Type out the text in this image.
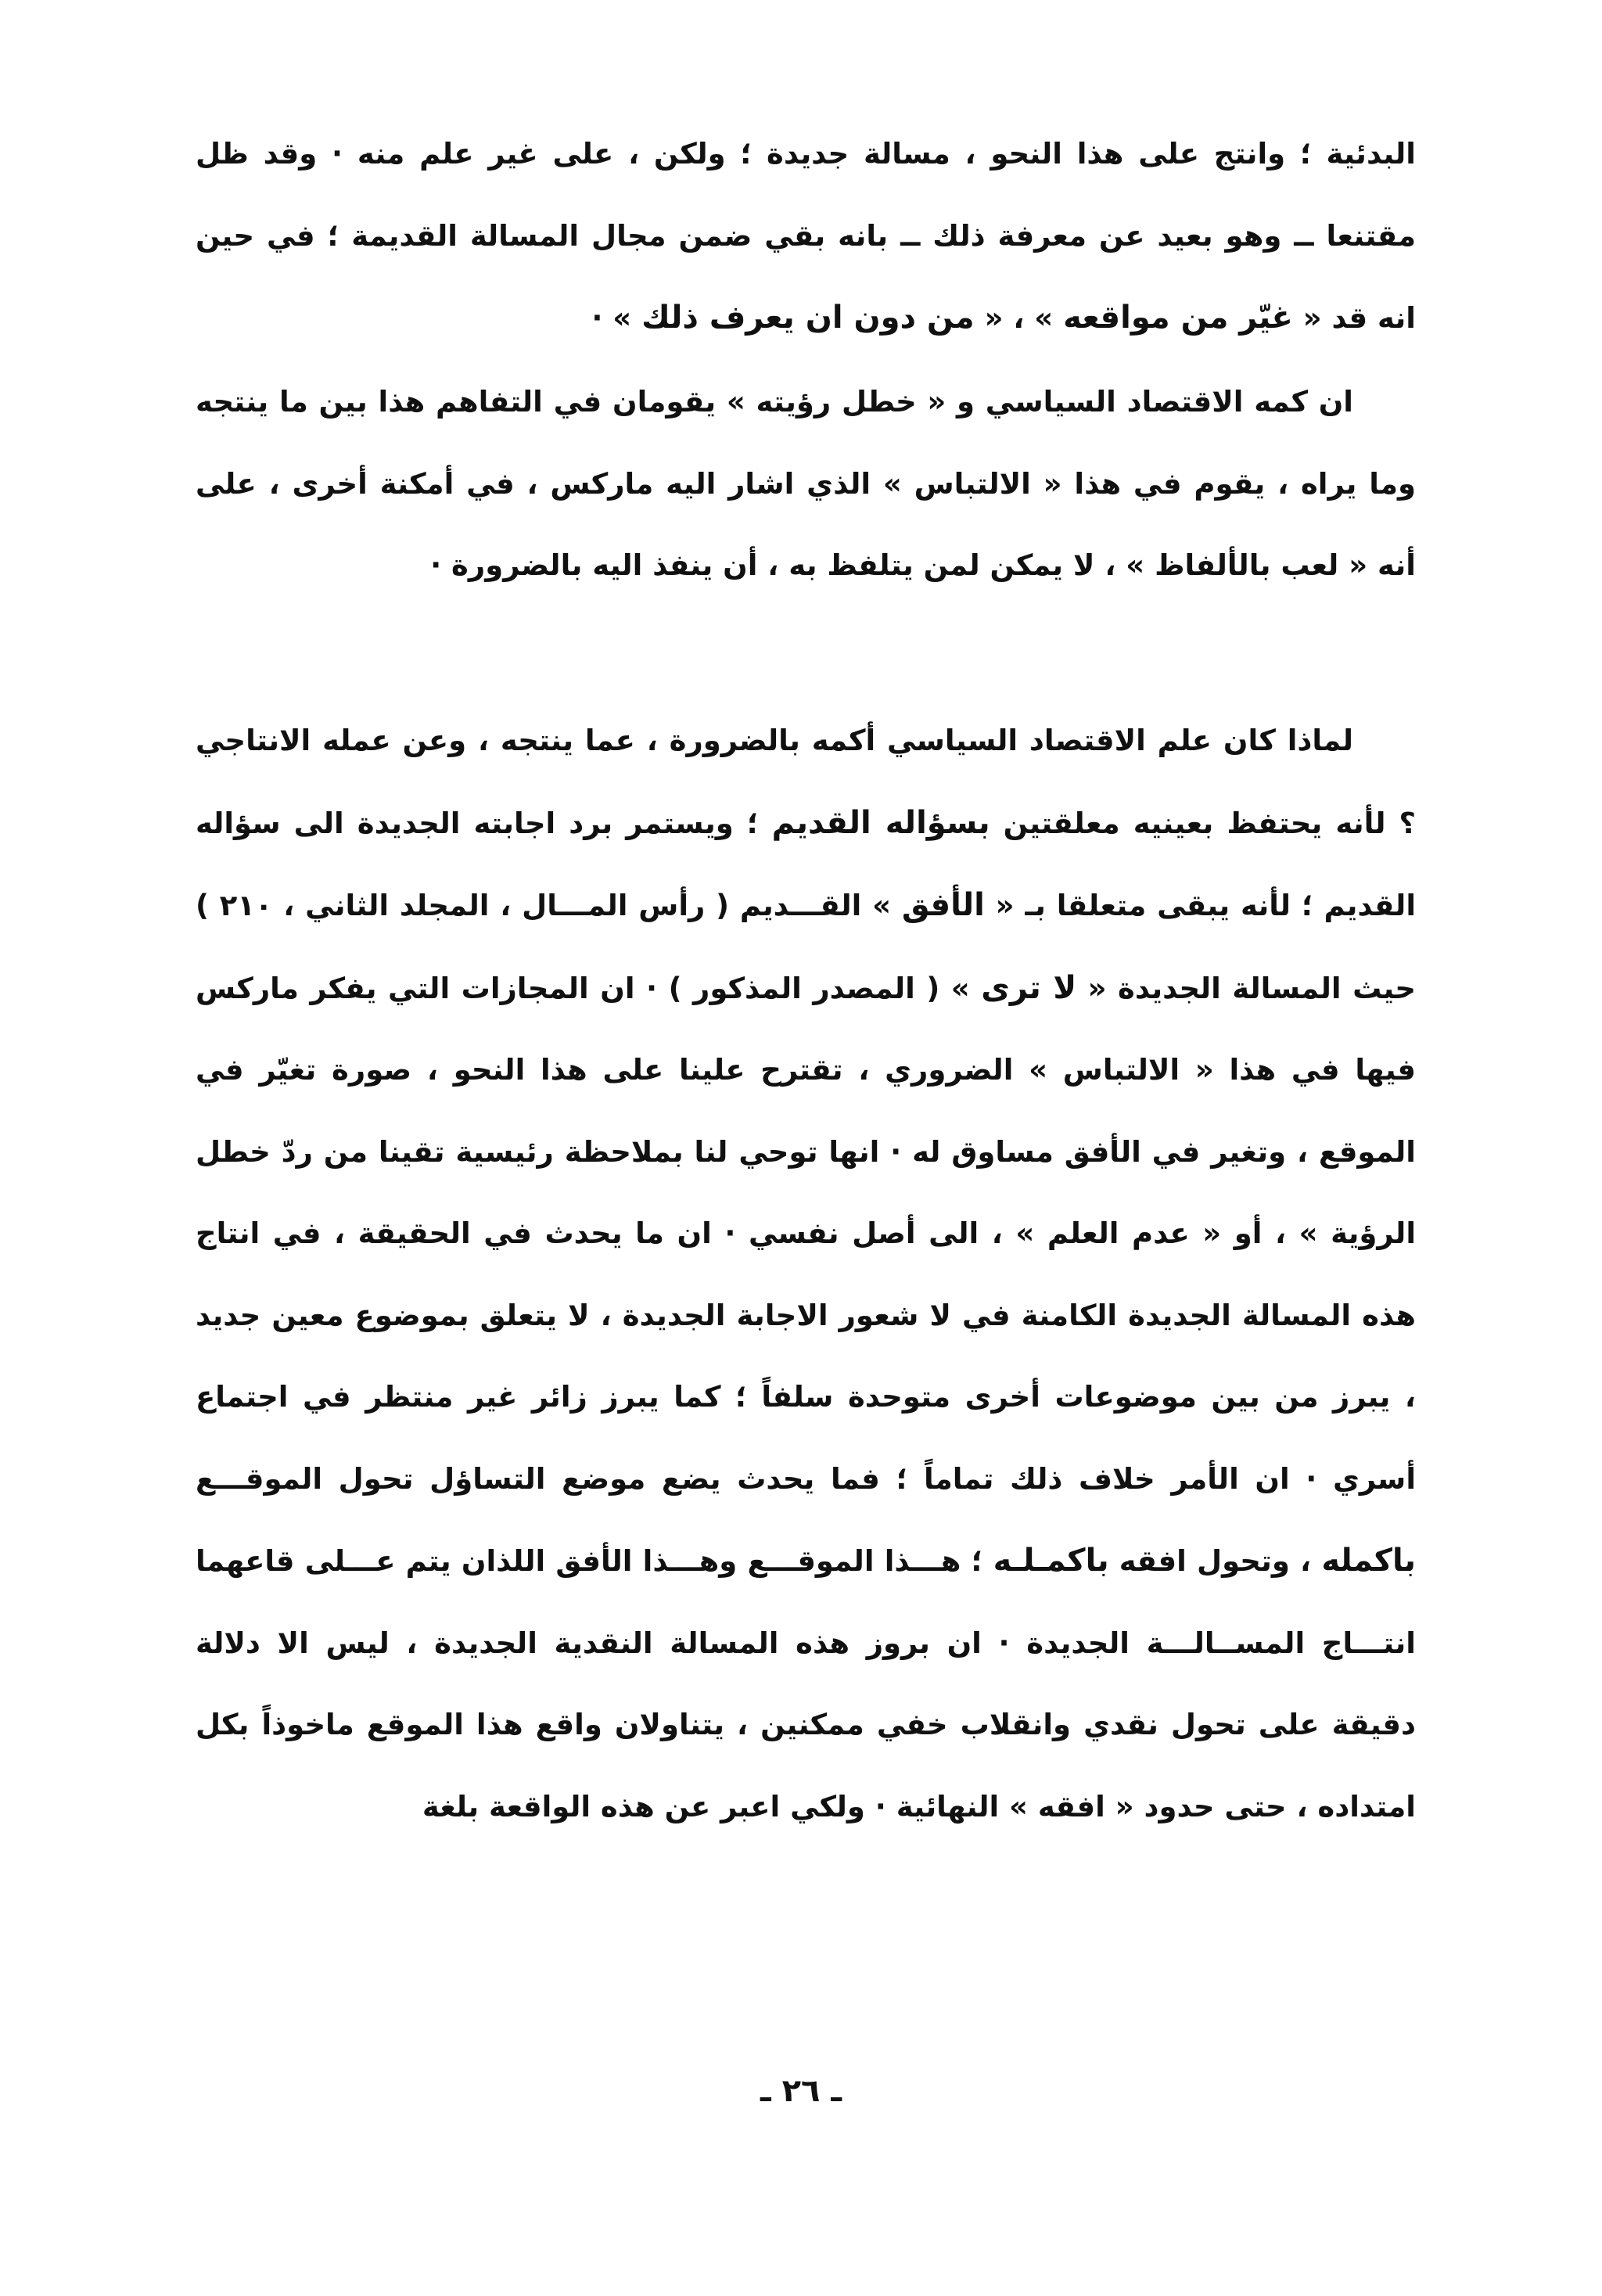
البدئية ؛ وانتج على هذا النحو ، مسالة جديدة ؛ ولكن ، على غير علم منه · وقد ظل مقتنعا ــ وهو بعيد عن معرفة ذلك ــ بانه بقي ضمن مجال المسالة القديمة ؛ في حين انه قد « غيّر من مواقعه » ، « من دون ان يعرف ذلك » ·

ان كمه الاقتصاد السياسي و « خطل رؤيته » يقومان في التفاهم هذا بين ما ينتجه وما يراه ، يقوم في هذا « الالتباس » الذي اشار اليه ماركس ، في أمكنة أخرى ، على أنه « لعب بالألفاظ » ، لا يمكن لمن يتلفظ به ، أن ينفذ اليه بالضرورة ·

لماذا كان علم الاقتصاد السياسي أكمه بالضرورة ، عما ينتجه ، وعن عمله الانتاجي ؟ لأنه يحتفظ بعينيه معلقتين بسؤاله القديم ؛ ويستمر برد اجابته الجديدة الى سؤاله القديم ؛ لأنه يبقى متعلقا بـ « الأفق » القـــديم ( رأس المـــال ، المجلد الثاني ، ٢١٠ ) حيث المسالة الجديدة « لا ترى » ( المصدر المذكور ) · ان المجازات التي يفكر ماركس فيها في هذا « الالتباس » الضروري ، تقترح علينا على هذا النحو ، صورة تغيّر في الموقع ، وتغير في الأفق مساوق له · انها توحي لنا بملاحظة رئيسية تقينا من ردّ خطل الرؤية » ، أو « عدم العلم » ، الى أصل نفسي · ان ما يحدث في الحقيقة ، في انتاج هذه المسالة الجديدة الكامنة في لا شعور الاجابة الجديدة ، لا يتعلق بموضوع معين جديد ، يبرز من بين موضوعات أخرى متوحدة سلفاً ؛ كما يبرز زائر غير منتظر في اجتماع أسري · ان الأمر خلاف ذلك تماماً ؛ فما يحدث يضع موضع التساؤل تحول الموقـــع باكمله ، وتحول افقه باكمـلـه ؛ هـــذا الموقـــع وهـــذا الأفق اللذان يتم عـــلى قاعهما انتـــاج المســالـــة الجديدة · ان بروز هذه المسالة النقدية الجديدة ، ليس الا دلالة دقيقة على تحول نقدي وانقلاب خفي ممكنين ، يتناولان واقع هذا الموقع ماخوذاً بكل امتداده ، حتى حدود « افقه » النهائية · ولكي اعبر عن هذه الواقعة بلغة

ـ ٢٦ ـ
